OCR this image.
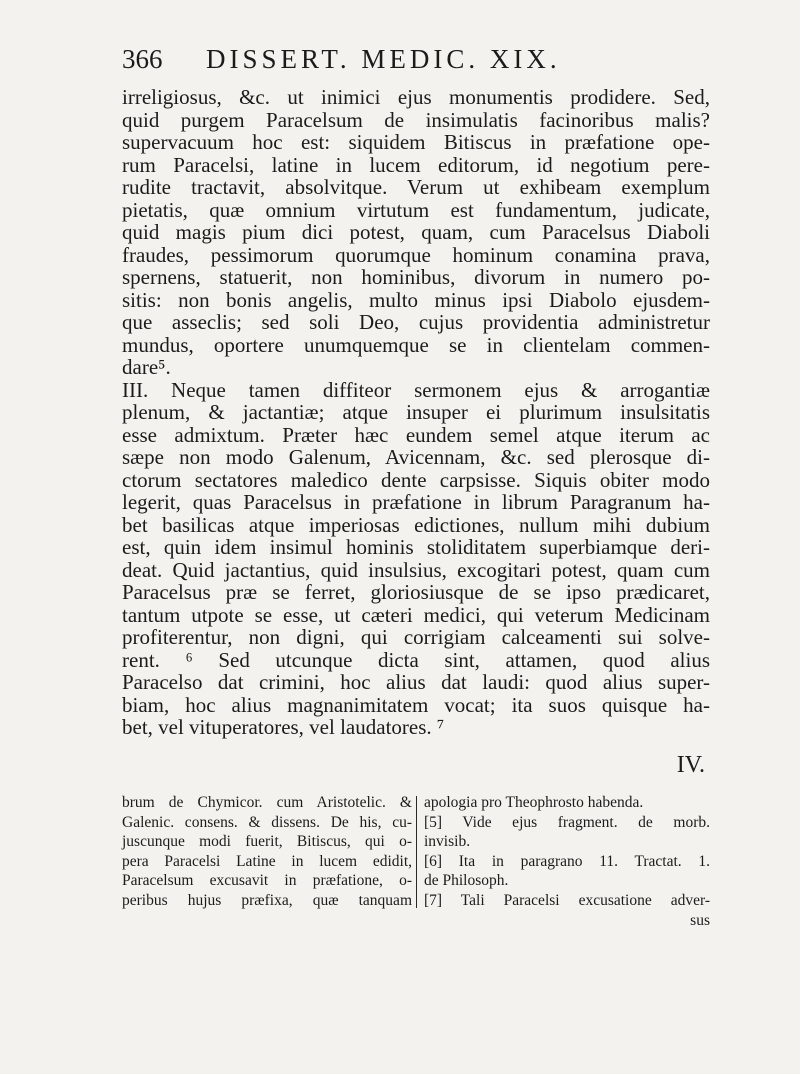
366 DISSERT. MEDIC. XIX.
irreligiosus, &c. ut inimici ejus monumentis prodidere. Sed,
quid purgem Paracelsum de insimulatis facinoribus malis?
supervacuum hoc est: siquidem Bitiscus in præfatione ope-
rum Paracelsi, latine in lucem editorum, id negotium pere-
rudite tractavit, absolvitque. Verum ut exhibeam exemplum
pietatis, quæ omnium virtutum est fundamentum, judicate,
quid magis pium dici potest, quam, cum Paracelsus Diaboli
fraudes, pessimorum quorumque hominum conamina prava,
spernens, statuerit, non hominibus, divorum in numero po-
sitis: non bonis angelis, multo minus ipsi Diabolo ejusdem-
que asseclis; sed soli Deo, cujus providentia administretur
mundus, oportere unumquemque se in clientelam commen-
dare⁵.
III. Neque tamen diffiteor sermonem ejus & arrogantiæ
plenum, & jactantiæ; atque insuper ei plurimum insulsitatis
esse admixtum. Præter hæc eundem semel atque iterum ac
sæpe non modo Galenum, Avicennam, &c. sed plerosque di-
ctorum sectatores maledico dente carpsisse. Siquis obiter modo
legerit, quas Paracelsus in præfatione in librum Paragranum ha-
bet basilicas atque imperiosas edictiones, nullum mihi dubium
est, quin idem insimul hominis stoliditatem superbiamque deri-
deat. Quid jactantius, quid insulsius, excogitari potest, quam cum
Paracelsus præ se ferret, gloriosiusque de se ipso prædicaret,
tantum utpote se esse, ut cæteri medici, qui veterum Medicinam
profiterentur, non digni, qui corrigiam calceamenti sui solve-
rent. ⁶ Sed utcunque dicta sint, attamen, quod alius
Paracelso dat crimini, hoc alius dat laudi: quod alius super-
biam, hoc alius magnanimitatem vocat; ita suos quisque ha-
bet, vel vituperatores, vel laudatores. ⁷
IV.
brum de Chymicor. cum Aristotelic. &
Galenic. consens. & dissens. De his, cu-
juscunque modi fuerit, Bitiscus, qui o-
pera Paracelsi Latine in lucem edidit,
Paracelsum excusavit in præfatione, o-
peribus hujus præfixa, quæ tanquam
apologia pro Theophrosto habenda.
[5] Vide ejus fragment. de morb.
invisib.
[6] Ita in paragrano 11. Tractat. 1.
de Philosoph.
[7] Tali Paracelsi excusatione adver-
sus
